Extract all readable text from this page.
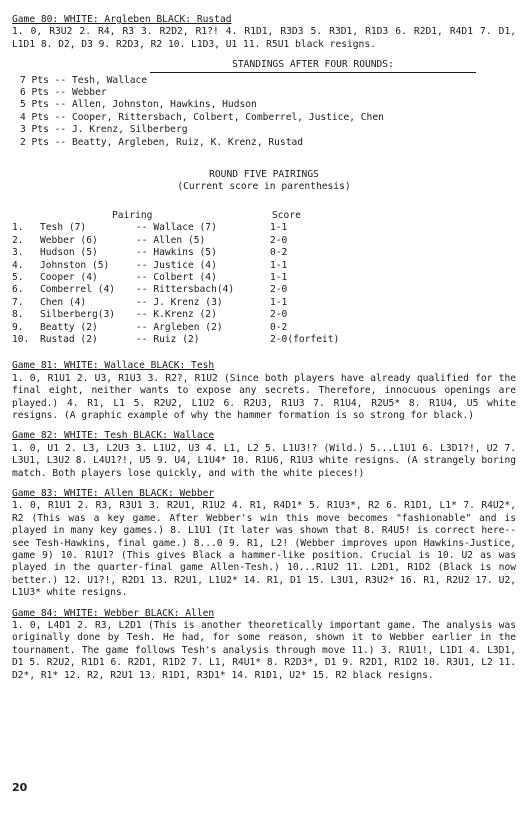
Game 80: WHITE: Argleben BLACK: Rustad
1. 0, R3U2 2. R4, R3 3. R2D2, R1?! 4. R1D1, R3D3 5. R3D1, R1D3 6. R2D1, R4D1 7. D1, L1D1 8. D2, D3 9. R2D3, R2 10. L1D3, U1 11. R5U1 black resigns.
STANDINGS AFTER FOUR ROUNDS:
7 Pts -- Tesh, Wallace
6 Pts -- Webber
5 Pts -- Allen, Johnston, Hawkins, Hudson
4 Pts -- Cooper, Rittersbach, Colbert, Comberrel, Justice, Chen
3 Pts -- J. Krenz, Silberberg
2 Pts -- Beatty, Argleben, Ruiz, K. Krenz, Rustad
ROUND FIVE PAIRINGS
(Current score in parenthesis)
Pairing	Score
1.	Tesh (7)	-- Wallace (7)	1-1
2.	Webber (6)	-- Allen (5)	2-0
3.	Hudson (5)	-- Hawkins (5)	0-2
4.	Johnston (5)	-- Justice (4)	1-1
5.	Cooper (4)	-- Colbert (4)	1-1
6.	Comberrel (4)	-- Rittersbach(4)	2-0
7.	Chen (4)	-- J. Krenz (3)	1-1
8.	Silberberg(3)	-- K.Krenz (2)	2-0
9.	Beatty (2)	-- Argleben (2)	0-2
10.	Rustad (2)	-- Ruiz (2)	2-0(forfeit)
Game 81: WHITE: Wallace BLACK: Tesh
1. 0, R1U1 2. U3, R1U3 3. R2?, R1U2 (Since both players have already qualified for the final eight, neither wants to expose any secrets. Therefore, innocuous openings are played.) 4. R1, L1 5. R2U2, L1U2 6. R2U3, R1U3 7. R1U4, R2U5* 8. R1U4, U5 white resigns. (A graphic example of why the hammer formation is so strong for black.)
Game 82: WHITE: Tesh BLACK: Wallace
1. 0, U1 2. L3, L2U3 3. L1U2, U3 4. L1, L2 5. L1U3!? (Wild.) 5...L1U1 6. L3D1?!, U2 7. L3U1, L3U2 8. L4U1?!, U5 9. U4, L1U4* 10. R1U6, R1U3 white resigns. (A strangely boring match. Both players lose quickly, and with the white pieces!)
Game 83: WHITE: Allen BLACK: Webber
1. 0, R1U1 2. R3, R3U1 3. R2U1, R1U2 4. R1, R4D1* 5. R1U3*, R2 6. R1D1, L1* 7. R4U2*, R2 (This was a key game. After Webber's win this move becomes "fashionable" and is played in many key games.) 8. L1U1 (It later was shown that 8. R4U5! is correct here-- see Tesh-Hawkins, final game.) 8...0 9. R1, L2! (Webber improves upon Hawkins-Justice, game 9) 10. R1U1? (This gives Black a hammer-like position. Crucial is 10. U2 as was played in the quarter-final game Allen-Tesh.) 10...R1U2 11. L2D1, R1D2 (Black is now better.) 12. U1?!, R2D1 13. R2U1, L1U2* 14. R1, D1 15. L3U1, R3U2* 16. R1, R2U2 17. U2, L1U3* white resigns.
Game 84: WHITE: Webber BLACK: Allen
1. 0, L4D1 2. R3, L2D1 (This is another theoretically important game. The analysis was originally done by Tesh. He had, for some reason, shown it to Webber earlier in the tournament. The game follows Tesh's analysis through move 11.) 3. R1U1!, L1D1 4. L3D1, D1 5. R2U2, R1D1 6. R2D1, R1D2 7. L1, R4U1* 8. R2D3*, D1 9. R2D1, R1D2 10. R3U1, L2 11. D2*, R1* 12. R2, R2U1 13. R1D1, R3D1* 14. R1D1, U2* 15. R2 black resigns.
20
